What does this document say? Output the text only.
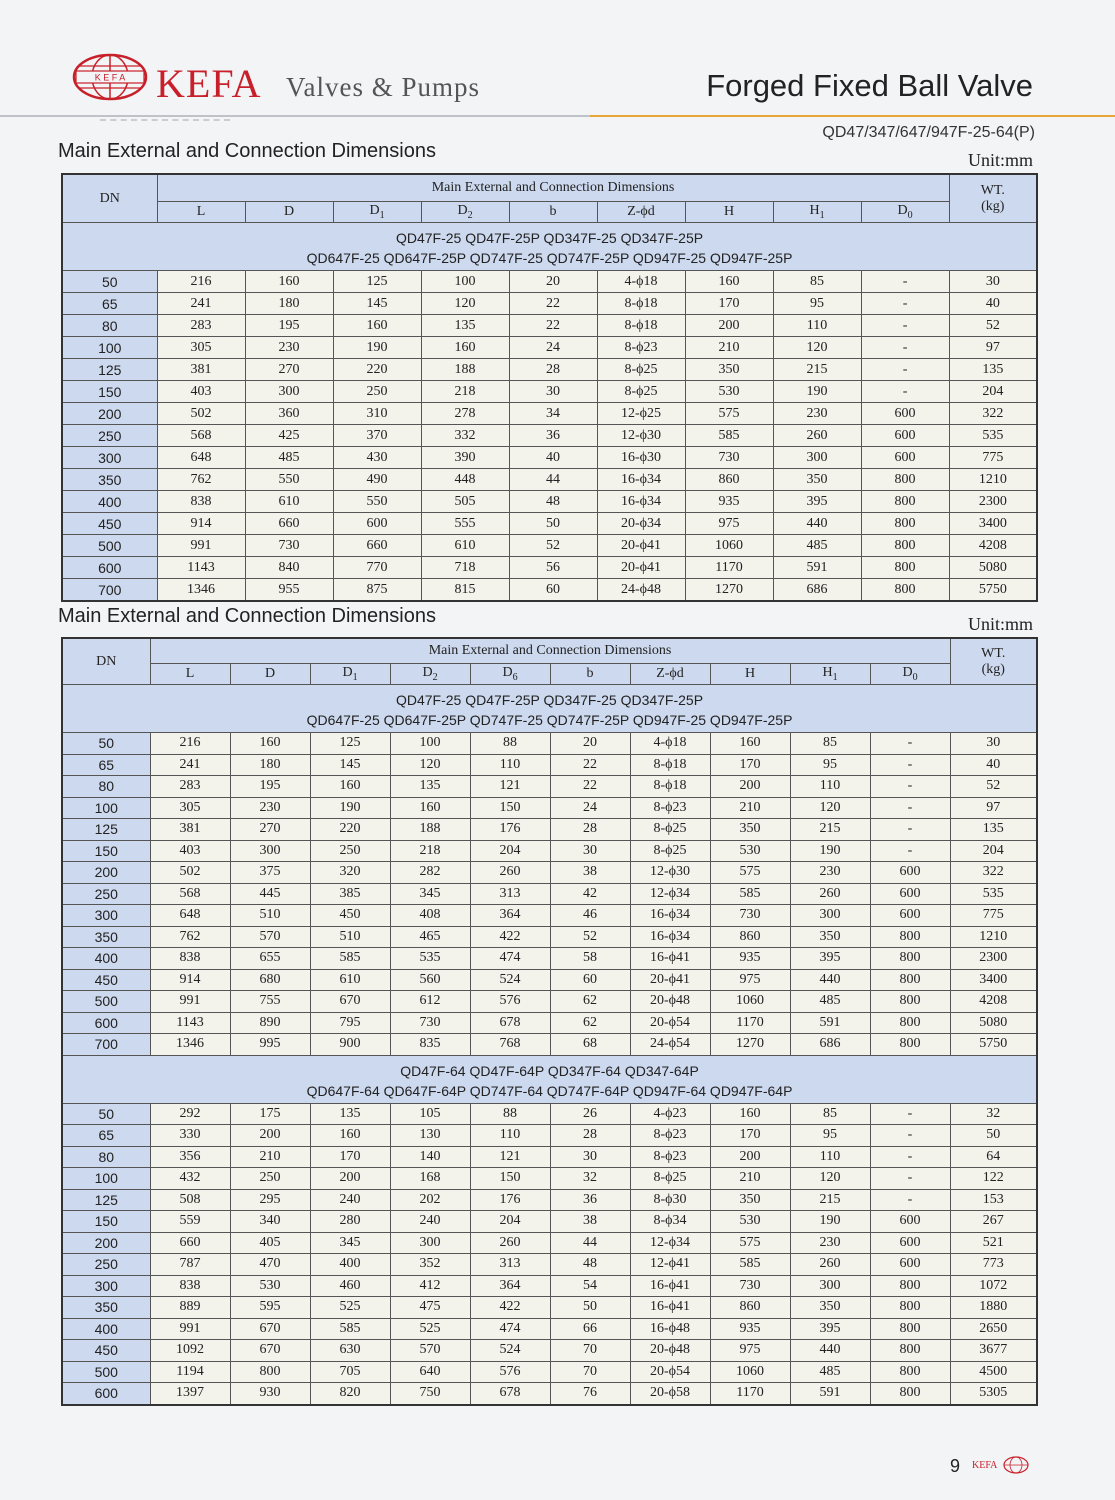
K E F A KEFA Valves & Pumps	Forged Fixed Ball Valve
QD47/347/647/947F-25-64(P)
Main External and Connection Dimensions	Unit:mm
DN	Main External and Connection Dimensions									WT.
(kg)

	L	D	$D_1$	$D_2$	b	Z-ϕd	H	$H_1$	$D_0$

QD47F-25 QD47F-25P QD347F-25 QD347F-25P
QD647F-25 QD647F-25P QD747F-25 QD747F-25P QD947F-25 QD947F-25P										

50	216	160	125	100	20	4-ϕ18	160	85	-	30
65	241	180	145	120	22	8-ϕ18	170	95	-	40
80	283	195	160	135	22	8-ϕ18	200	110	-	52
100	305	230	190	160	24	8-ϕ23	210	120	-	97
125	381	270	220	188	28	8-ϕ25	350	215	-	135
150	403	300	250	218	30	8-ϕ25	530	190	-	204
200	502	360	310	278	34	12-ϕ25	575	230	600	322
250	568	425	370	332	36	12-ϕ30	585	260	600	535
300	648	485	430	390	40	16-ϕ30	730	300	600	775
350	762	550	490	448	44	16-ϕ34	860	350	800	1210
400	838	610	550	505	48	16-ϕ34	935	395	800	2300
450	914	660	600	555	50	20-ϕ34	975	440	800	3400
500	991	730	660	610	52	20-ϕ41	1060	485	800	4208
600	1143	840	770	718	56	20-ϕ41	1170	591	800	5080
700	1346	955	875	815	60	24-ϕ48	1270	686	800	5750
Main External and Connection Dimensions	Unit:mm
DN	Main External and Connection Dimensions										WT.
(kg)

	L	D	$D_1$	$D_2$	$D_6$	b	Z-ϕd	H	$H_1$	$D_0$

QD47F-25 QD47F-25P QD347F-25 QD347F-25P
QD647F-25 QD647F-25P QD747F-25 QD747F-25P QD947F-25 QD947F-25P											

50	216	160	125	100	88	20	4-ϕ18	160	85	-	30
65	241	180	145	120	110	22	8-ϕ18	170	95	-	40
80	283	195	160	135	121	22	8-ϕ18	200	110	-	52
100	305	230	190	160	150	24	8-ϕ23	210	120	-	97
125	381	270	220	188	176	28	8-ϕ25	350	215	-	135
150	403	300	250	218	204	30	8-ϕ25	530	190	-	204
200	502	375	320	282	260	38	12-ϕ30	575	230	600	322
250	568	445	385	345	313	42	12-ϕ34	585	260	600	535
300	648	510	450	408	364	46	16-ϕ34	730	300	600	775
350	762	570	510	465	422	52	16-ϕ34	860	350	800	1210
400	838	655	585	535	474	58	16-ϕ41	935	395	800	2300
450	914	680	610	560	524	60	20-ϕ41	975	440	800	3400
500	991	755	670	612	576	62	20-ϕ48	1060	485	800	4208
600	1143	890	795	730	678	62	20-ϕ54	1170	591	800	5080
700	1346	995	900	835	768	68	24-ϕ54	1270	686	800	5750

QD47F-64 QD47F-64P QD347F-64 QD347-64P
QD647F-64 QD647F-64P QD747F-64 QD747F-64P QD947F-64 QD947F-64P											

50	292	175	135	105	88	26	4-ϕ23	160	85	-	32
65	330	200	160	130	110	28	8-ϕ23	170	95	-	50
80	356	210	170	140	121	30	8-ϕ23	200	110	-	64
100	432	250	200	168	150	32	8-ϕ25	210	120	-	122
125	508	295	240	202	176	36	8-ϕ30	350	215	-	153
150	559	340	280	240	204	38	8-ϕ34	530	190	600	267
200	660	405	345	300	260	44	12-ϕ34	575	230	600	521
250	787	470	400	352	313	48	12-ϕ41	585	260	600	773
300	838	530	460	412	364	54	16-ϕ41	730	300	800	1072
350	889	595	525	475	422	50	16-ϕ41	860	350	800	1880
400	991	670	585	525	474	66	16-ϕ48	935	395	800	2650
450	1092	670	630	570	524	70	20-ϕ48	975	440	800	3677
500	1194	800	705	640	576	70	20-ϕ54	1060	485	800	4500
600	1397	930	820	750	678	76	20-ϕ58	1170	591	800	5305
9 KEFA
